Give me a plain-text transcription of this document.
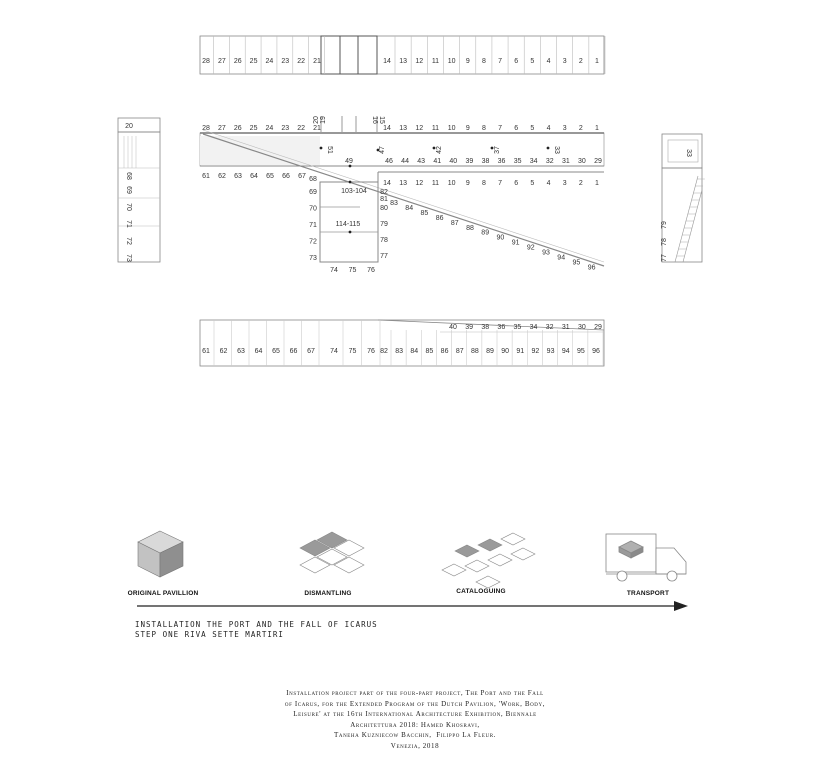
28 27 26 25 24 23 22 21	14 13 12 11 10 9 8 7 6 5 4 3 2 1
28 27 26 25 24 23 22 21	14 13 12 11 10 9 8 7 6 5 4 3 2 1
49	46 44 43 41 40 39 38 36 35 34 32 31 30 29
61 62 63 64 65 66 67 68
14 13 12 11 10 9 8 7 6 5 4 3 2 1
69
70
71
72
73
74 75 76
82
81
80
79
78
77
83
84
85
86
87
88
89
90
91
92
93
94
95
96
20 19	16 15
51	47	42	37	33
103-104
114-115
20
68
69
70
71
72
73
33
79
78
77
40 39 38 36 35 34 32 31 30 29
61 62 63 64 65 66 67 74 75 76 82 83 84 85 86 87 88 89 90 91 92 93 94 95 96
ORIGINAL PAVILLION	DISMANTLING	CATALOGUING	TRANSPORT
INSTALLATION THE PORT AND THE FALL OF ICARUS
STEP ONE RIVA SETTE MARTIRI
Installation project part of the four-part project, The Port and the Fall
of Icarus, for the Extended Program of the Dutch Pavilion, 'Work, Body,
Leisure' at the 16th International Architecture Exhibition, Biennale
Architettura 2018: Hamed Khosravi,
Taneha Kuzniecow Bacchin,  Filippo La Fleur.
Venezia, 2018
